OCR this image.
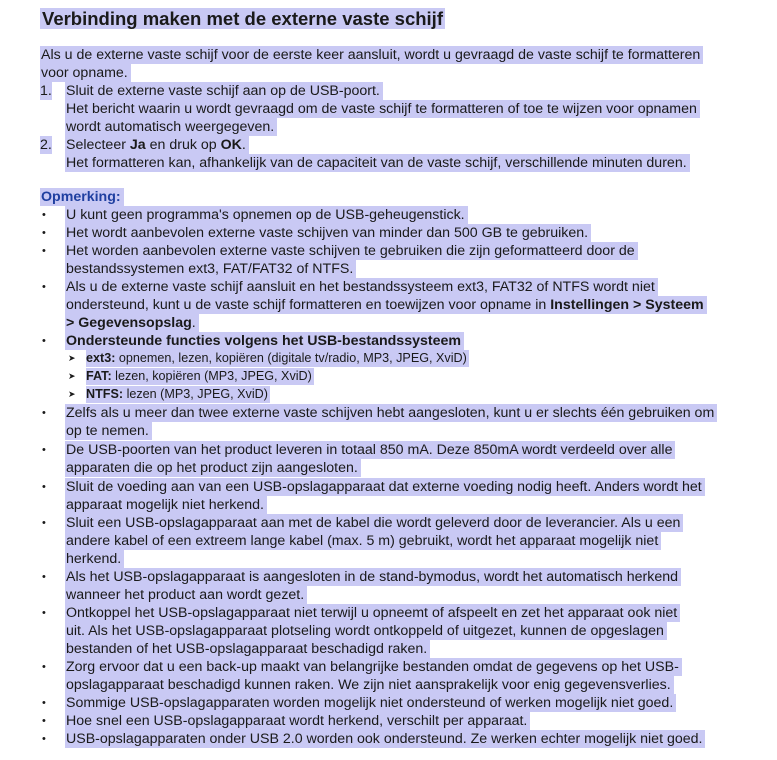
Verbinding maken met de externe vaste schijf
Als u de externe vaste schijf voor de eerste keer aansluit, wordt u gevraagd de vaste schijf te formatteren
voor opname.
1. Sluit de externe vaste schijf aan op de USB-poort.
Het bericht waarin u wordt gevraagd om de vaste schijf te formatteren of toe te wijzen voor opnamen
wordt automatisch weergegeven.
2. Selecteer Ja en druk op OK.
Het formatteren kan, afhankelijk van de capaciteit van de vaste schijf, verschillende minuten duren.
Opmerking:
• U kunt geen programma's opnemen op de USB-geheugenstick.
• Het wordt aanbevolen externe vaste schijven van minder dan 500 GB te gebruiken.
• Het worden aanbevolen externe vaste schijven te gebruiken die zijn geformatteerd door de
bestandssystemen ext3, FAT/FAT32 of NTFS.
• Als u de externe vaste schijf aansluit en het bestandssysteem ext3, FAT32 of NTFS wordt niet
ondersteund, kunt u de vaste schijf formatteren en toewijzen voor opname in Instellingen > Systeem
> Gegevensopslag.
• Ondersteunde functies volgens het USB-bestandssysteem
➤ ext3: opnemen, lezen, kopiëren (digitale tv/radio, MP3, JPEG, XviD)
➤ FAT: lezen, kopiëren (MP3, JPEG, XviD)
➤ NTFS: lezen (MP3, JPEG, XviD)
• Zelfs als u meer dan twee externe vaste schijven hebt aangesloten, kunt u er slechts één gebruiken om
op te nemen.
• De USB-poorten van het product leveren in totaal 850 mA. Deze 850mA wordt verdeeld over alle
apparaten die op het product zijn aangesloten.
• Sluit de voeding aan van een USB-opslagapparaat dat externe voeding nodig heeft. Anders wordt het
apparaat mogelijk niet herkend.
• Sluit een USB-opslagapparaat aan met de kabel die wordt geleverd door de leverancier. Als u een
andere kabel of een extreem lange kabel (max. 5 m) gebruikt, wordt het apparaat mogelijk niet
herkend.
• Als het USB-opslagapparaat is aangesloten in de stand-bymodus, wordt het automatisch herkend
wanneer het product aan wordt gezet.
• Ontkoppel het USB-opslagapparaat niet terwijl u opneemt of afspeelt en zet het apparaat ook niet
uit. Als het USB-opslagapparaat plotseling wordt ontkoppeld of uitgezet, kunnen de opgeslagen
bestanden of het USB-opslagapparaat beschadigd raken.
• Zorg ervoor dat u een back-up maakt van belangrijke bestanden omdat de gegevens op het USB-
opslagapparaat beschadigd kunnen raken. We zijn niet aansprakelijk voor enig gegevensverlies.
• Sommige USB-opslagapparaten worden mogelijk niet ondersteund of werken mogelijk niet goed.
• Hoe snel een USB-opslagapparaat wordt herkend, verschilt per apparaat.
• USB-opslagapparaten onder USB 2.0 worden ook ondersteund. Ze werken echter mogelijk niet goed.
